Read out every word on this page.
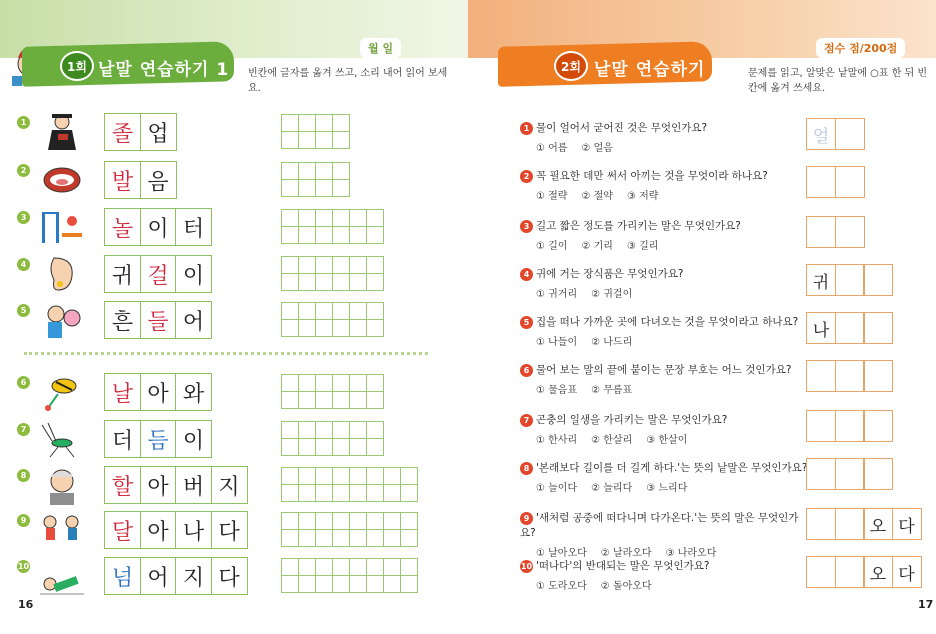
월 일
1회 낱말 연습하기 1 빈칸에 글자를 옮겨 쓰고, 소리 내어 읽어 보세요.
1	졸 업
2	발 음
3	놀 이 터
4	귀 걸 이
5	흔 들 어
6	날 아 와
7	더 듬 이
8	할 아 버 지
9	달 아 나 다
10	넘 어 지 다
16
점수 점/200점
2회 낱말 연습하기 2 문제를 읽고, 알맞은 낱말에 ○표 한 뒤 빈칸에 옮겨 쓰세요.
17
1 물이 얼어서 굳어진 것은 무엇인가요?
① 어름 ② 얼음
얼
2 꼭 필요한 데만 써서 아끼는 것을 무엇이라 하나요?
① 절략 ② 절약 ③ 저략
3 길고 짧은 정도를 가리키는 말은 무엇인가요?
① 길이 ② 기리 ③ 길리
4 귀에 거는 장식품은 무엇인가요?
① 귀거리 ② 귀걸이
귀
5 집을 떠나 가까운 곳에 다녀오는 것을 무엇이라고 하나요?
① 나들이 ② 나드리
나
6 물어 보는 말의 끝에 붙이는 문장 부호는 어느 것인가요?
① 물음표 ② 무름표
7 곤충의 일생을 가리키는 말은 무엇인가요?
① 한사리 ② 한살리 ③ 한살이
8 '본래보다 길이를 더 길게 하다.'는 뜻의 낱말은 무엇인가요?
① 늘이다 ② 늘리다 ③ 느리다
9 '새처럼 공중에 떠다니며 다가온다.'는 뜻의 말은 무엇인가요?
① 날아오다 ② 날라오다 ③ 나라오다
오 다
10 '떠나다'의 반대되는 말은 무엇인가요?
① 도라오다 ② 돌아오다
오 다
